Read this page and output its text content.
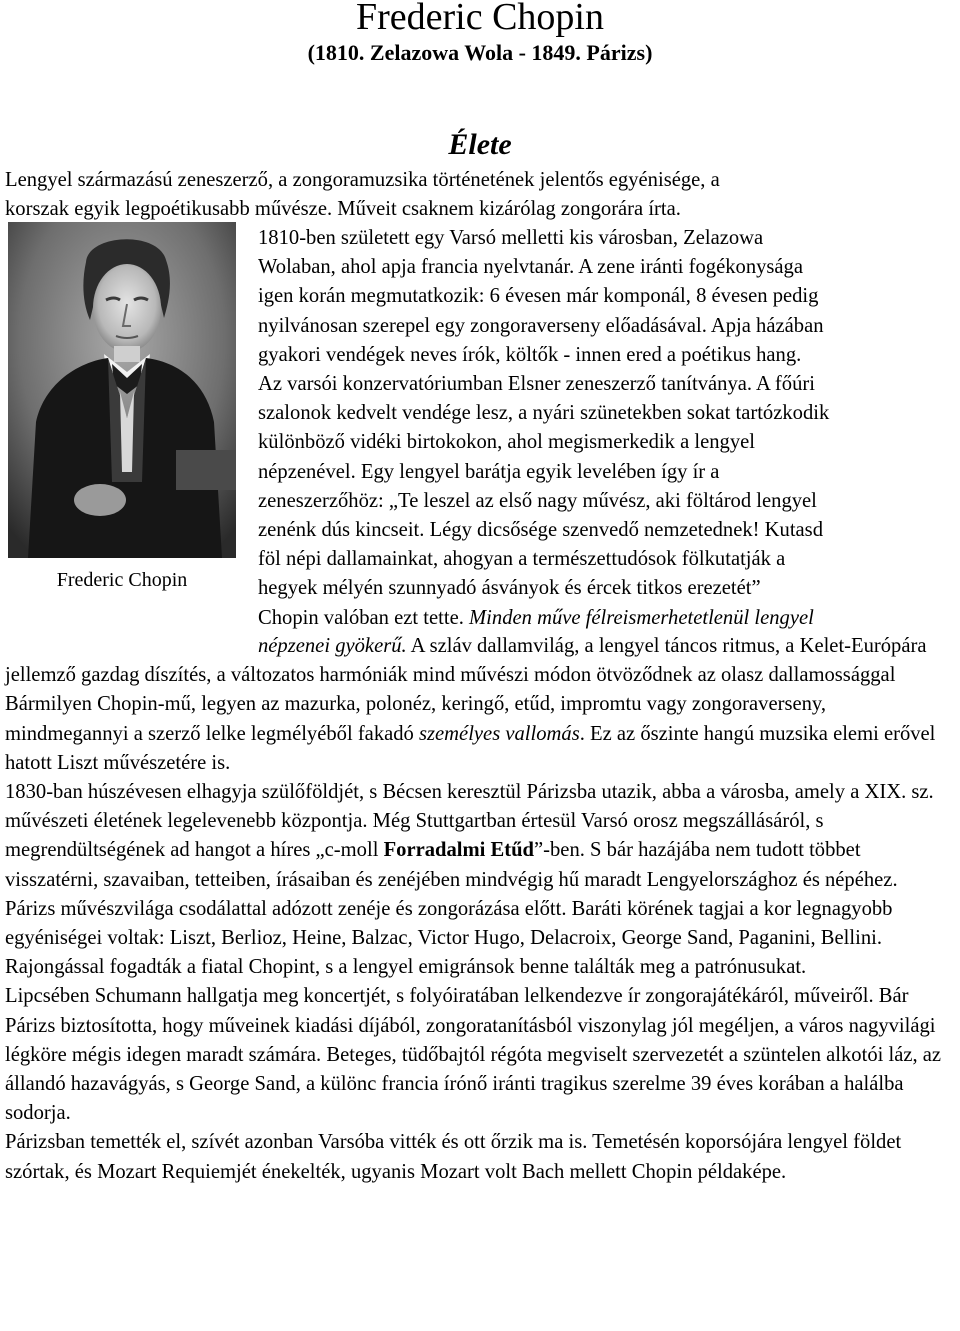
Frederic Chopin
(1810. Zelazowa Wola - 1849. Párizs)
Élete

Lengyel származású zeneszerző, a zongoramuzsika történetének jelentős egyénisége, a

korszak egyik legpoétikusabb művésze. Műveit csaknem kizárólag zongorára írta.

Frederic Chopin

1810-ben született egy Varsó melletti kis városban, Zelazowa

Wolaban, ahol apja francia nyelvtanár. A zene iránti fogékonysága

igen korán megmutatkozik: 6 évesen már komponál, 8 évesen pedig

nyilvánosan szerepel egy zongoraverseny előadásával. Apja házában

gyakori vendégek neves írók, költők - innen ered a poétikus hang.

Az varsói konzervatóriumban Elsner zeneszerző tanítványa. A főúri

szalonok kedvelt vendége lesz, a nyári szünetekben sokat tartózkodik

különböző vidéki birtokokon, ahol megismerkedik a lengyel

népzenével. Egy lengyel barátja egyik levelében így ír a

zeneszerzőhöz: „Te leszel az első nagy művész, aki föltárod lengyel

zenénk dús kincseit. Légy dicsősége szenvedő nemzetednek! Kutasd

föl népi dallamainkat, ahogyan a természettudósok fölkutatják a

hegyek mélyén szunnyadó ásványok és ércek titkos erezetét”

Chopin valóban ezt tette. Minden műve félreismerhetetlenül lengyel

népzenei gyökerű. A szláv dallamvilág, a lengyel táncos ritmus, a Kelet-Európára jellemző gazdag díszítés, a változatos harmóniák mind művészi módon ötvöződnek az olasz dallamossággal Bármilyen Chopin-mű, legyen az mazurka, polonéz, keringő, etűd, impromtu vagy zongoraverseny, mindmegannyi a szerző lelke legmélyéből fakadó személyes vallomás. Ez az őszinte hangú muzsika elemi erővel hatott Liszt művészetére is.

1830-ban húszévesen elhagyja szülőföldjét, s Bécsen keresztül Párizsba utazik, abba a városba, amely a XIX. sz. művészeti életének legelevenebb központja. Még Stuttgartban értesül Varsó orosz megszállásáról, s megrendültségének ad hangot a híres „c-moll Forradalmi Etűd”-ben. S bár hazájába nem tudott többet visszatérni, szavaiban, tetteiben, írásaiban és zenéjében mindvégig hű maradt Lengyelországhoz és népéhez.

Párizs művészvilága csodálattal adózott zenéje és zongorázása előtt. Baráti körének tagjai a kor legnagyobb egyéniségei voltak: Liszt, Berlioz, Heine, Balzac, Victor Hugo, Delacroix, George Sand, Paganini, Bellini. Rajongással fogadták a fiatal Chopint, s a lengyel emigránsok benne találták meg a patrónusukat.

Lipcsében Schumann hallgatja meg koncertjét, s folyóiratában lelkendezve ír zongorajátékáról, műveiről. Bár Párizs biztosította, hogy műveinek kiadási díjából, zongoratanításból viszonylag jól megéljen, a város nagyvilági légköre mégis idegen maradt számára. Beteges, tüdőbajtól régóta megviselt szervezetét a szüntelen alkotói láz, az állandó hazavágyás, s George Sand, a különc francia írónő iránti tragikus szerelme 39 éves korában a halálba sodorja.

Párizsban temették el, szívét azonban Varsóba vitték és ott őrzik ma is. Temetésén koporsójára lengyel földet szórtak, és Mozart Requiemjét énekelték, ugyanis Mozart volt Bach mellett Chopin példaképe.
